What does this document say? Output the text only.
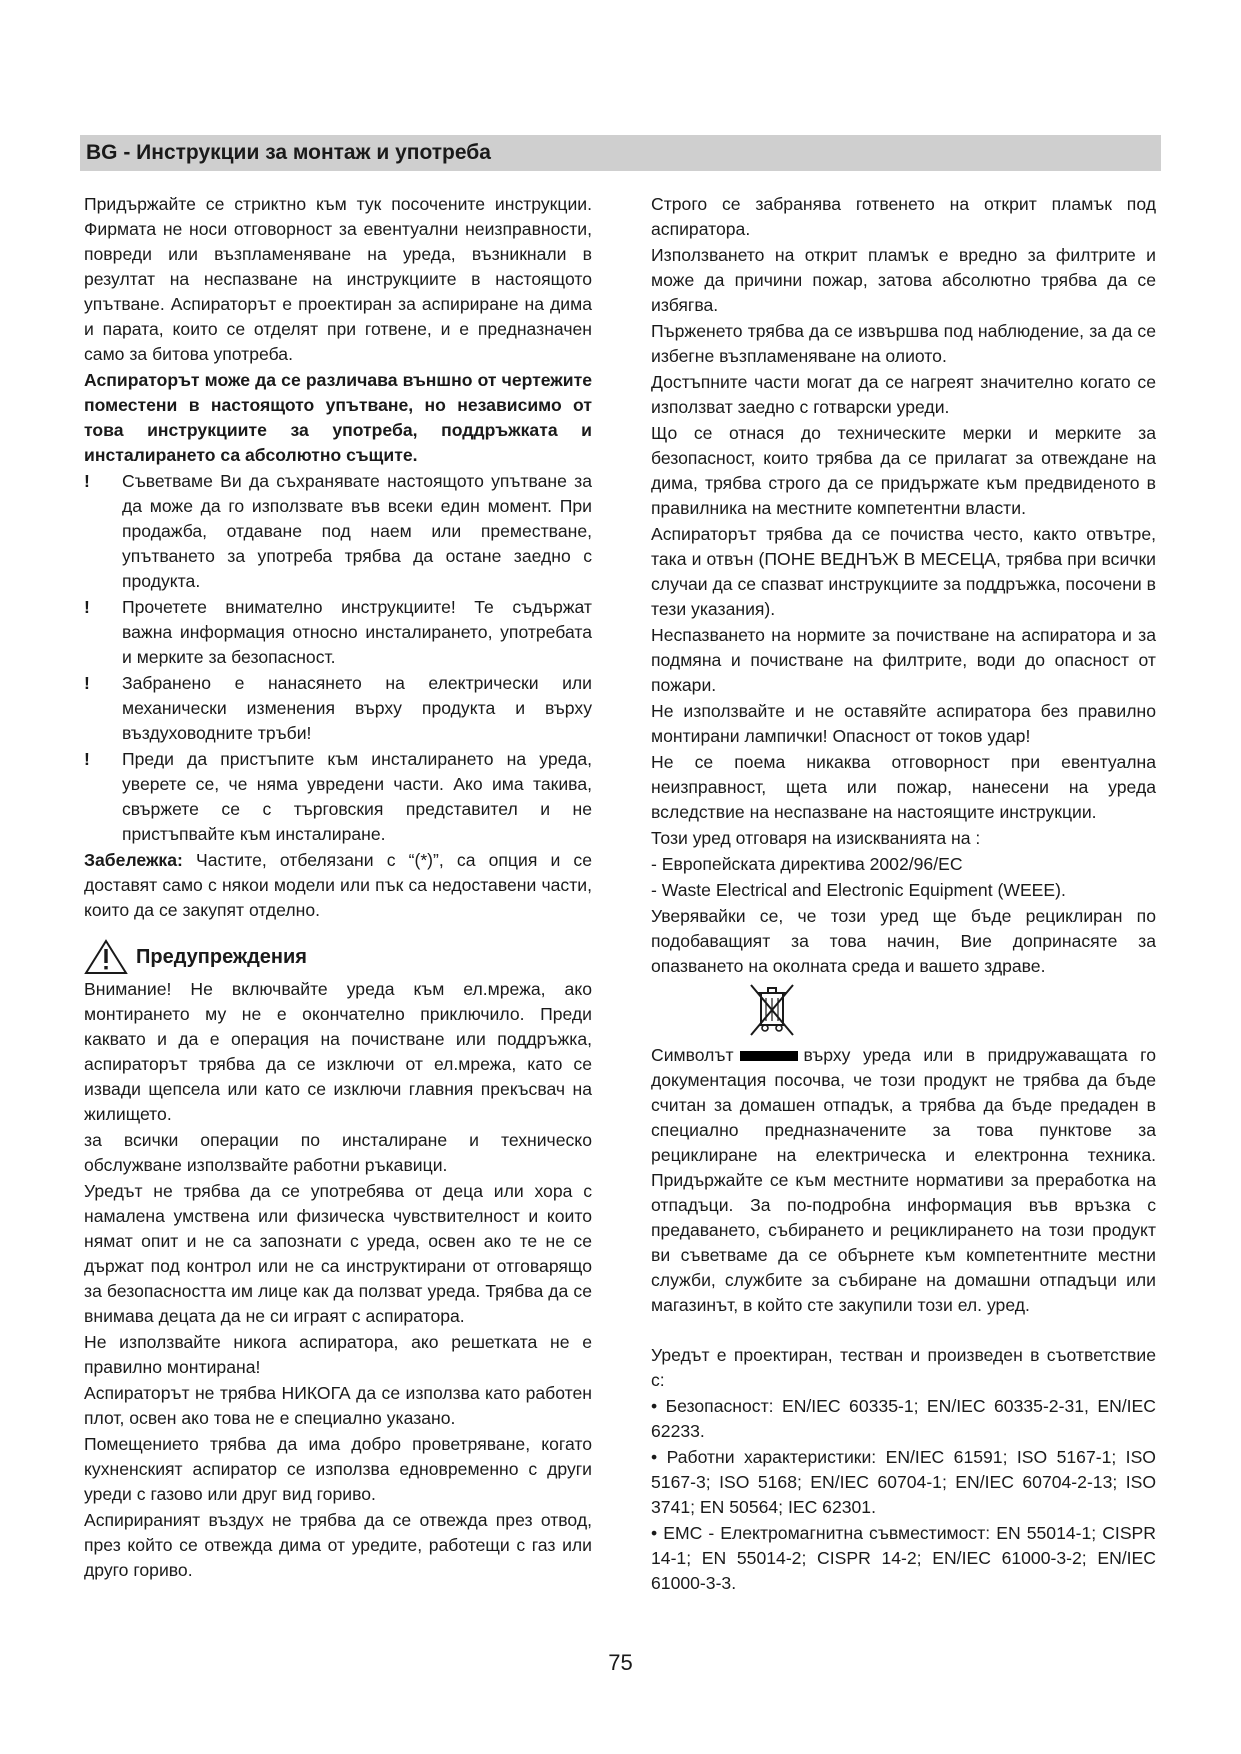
BG - Инструкции за монтаж и употреба

Придържайте се стриктно към тук посочените инструкции. Фирмата не носи отговорност за евентуални неизправности, повреди или възпламеняване на уреда, възникнали в резултат на неспазване на инструкциите в настоящото упътване. Аспираторът е проектиран за аспириране на дима и парата, които се отделят при готвене, и е предназначен само за битова употреба.

Аспираторът може да се различава външно от чертежите поместени в настоящото упътване, но независимо от това инструкциите за употреба, поддръжката и инсталирането са абсолютно същите.

!	Съветваме Ви да съхранявате настоящото упътване за да може да го използвате във всеки един момент. При продажба, отдаване под наем или преместване, упътването за употреба трябва да остане заедно с продукта.
!	Прочетете внимателно инструкциите! Те съдържат важна информация относно инсталирането, употребата и мерките за безопасност.
!	Забранено е нанасянето на електрически или механически изменения върху продукта и върху въздуховодните тръби!
!	Преди да пристъпите към инсталирането на уреда, уверете се, че няма увредени части. Ако има такива, свържете се с търговския представител и не пристъпвайте към инсталиране.

Забележка: Частите, отбелязани с “(*)”, са опция и се доставят само с някои модели или пък са недоставени части, които да се закупят отделно.

Предупреждения

Внимание! Не включвайте уреда към ел.мрежа, ако монтирането му не е окончателно приключило. Преди каквато и да е операция на почистване или поддръжка, аспираторът трябва да се изключи от ел.мрежа, като се извади щепсела или като се изключи главния прекъсвач на жилището.

за всички операции по инсталиране и техническо обслужване използвайте работни ръкавици.

Уредът не трябва да се употребява от деца или хора с намалена умствена или физическа чувствителност и които нямат опит и не са запознати с уреда, освен ако те не се държат под контрол или не са инструктирани от отговарящо за безопасността им лице как да ползват уреда. Трябва да се внимава децата да не си играят с аспиратора.

Не използвайте никога аспиратора, ако решетката не е правилно монтирана!

Аспираторът не трябва НИКОГА да се използва като работен плот, освен ако това не е специално указано.

Помещението трябва да има добро проветряване, когато кухненският аспиратор се използва едновременно с други уреди с газово или друг вид гориво.

Аспирираният въздух не трябва да се отвежда през отвод, през който се отвежда дима от уредите, работещи с газ или друго гориво.

Строго се забранява готвенето на открит пламък под аспиратора.

Използването на открит пламък е вредно за филтрите и може да причини пожар, затова абсолютно трябва да се избягва.

Пърженето трябва да се извършва под наблюдение, за да се избегне възпламеняване на олиото.

Достъпните части могат да се нагреят значително когато се използват заедно с готварски уреди.

Що се отнася до техническите мерки и мерките за безопасност, които трябва да се прилагат за отвеждане на дима, трябва строго да се придържате към предвиденото в правилника на местните компетентни власти.

Аспираторът трябва да се почиства често, както отвътре, така и отвън (ПОНЕ ВЕДНЪЖ В МЕСЕЦА, трябва при всички случаи да се спазват инструкциите за поддръжка, посочени в тези указания).

Неспазването на нормите за почистване на аспиратора и за подмяна и почистване на филтрите, води до опасност от пожари.

Не използвайте и не оставяйте аспиратора без правилно монтирани лампички! Опасност от токов удар!

Не се поема никаква отговорност при евентуална неизправност, щета или пожар, нанесени на уреда вследствие на неспазване на настоящите инструкции.

Този уред отговаря на изискванията на :

- Европейската директива 2002/96/ЕС

- Waste Electrical and Electronic Equipment (WEEE).

Уверявайки се, че този уред ще бъде рециклиран по подобаващият за това начин, Вие допринасяте за опазването на околната среда и вашето здраве.

Символът	върху уреда или в придружаващата го документация посочва, че този продукт не трябва да бъде считан за домашен отпадък, а трябва да бъде предаден в специално предназначените за това пунктове за рециклиране на електрическа и електронна техника. Придържайте се към местните нормативи за преработка на отпадъци. За по-подробна информация във връзка с предаването, събирането и рециклирането на този продукт ви съветваме да се обърнете към компетентните местни служби, службите за събиране на домашни отпадъци или магазинът, в който сте закупили този ел. уред.

Уредът е проектиран, тестван и произведен в съответствие с:

• Безопасност: EN/IEC 60335-1; EN/IEC 60335-2-31, EN/IEC 62233.

• Работни характеристики: EN/IEC 61591; ISO 5167-1; ISO 5167-3; ISO 5168; EN/IEC 60704-1; EN/IEC 60704-2-13; ISO 3741; EN 50564; IEC 62301.

• EMC - Електромагнитна съвместимост: EN 55014-1; CISPR 14-1; EN 55014-2; CISPR 14-2; EN/IEC 61000-3-2; EN/IEC 61000-3-3.

75
